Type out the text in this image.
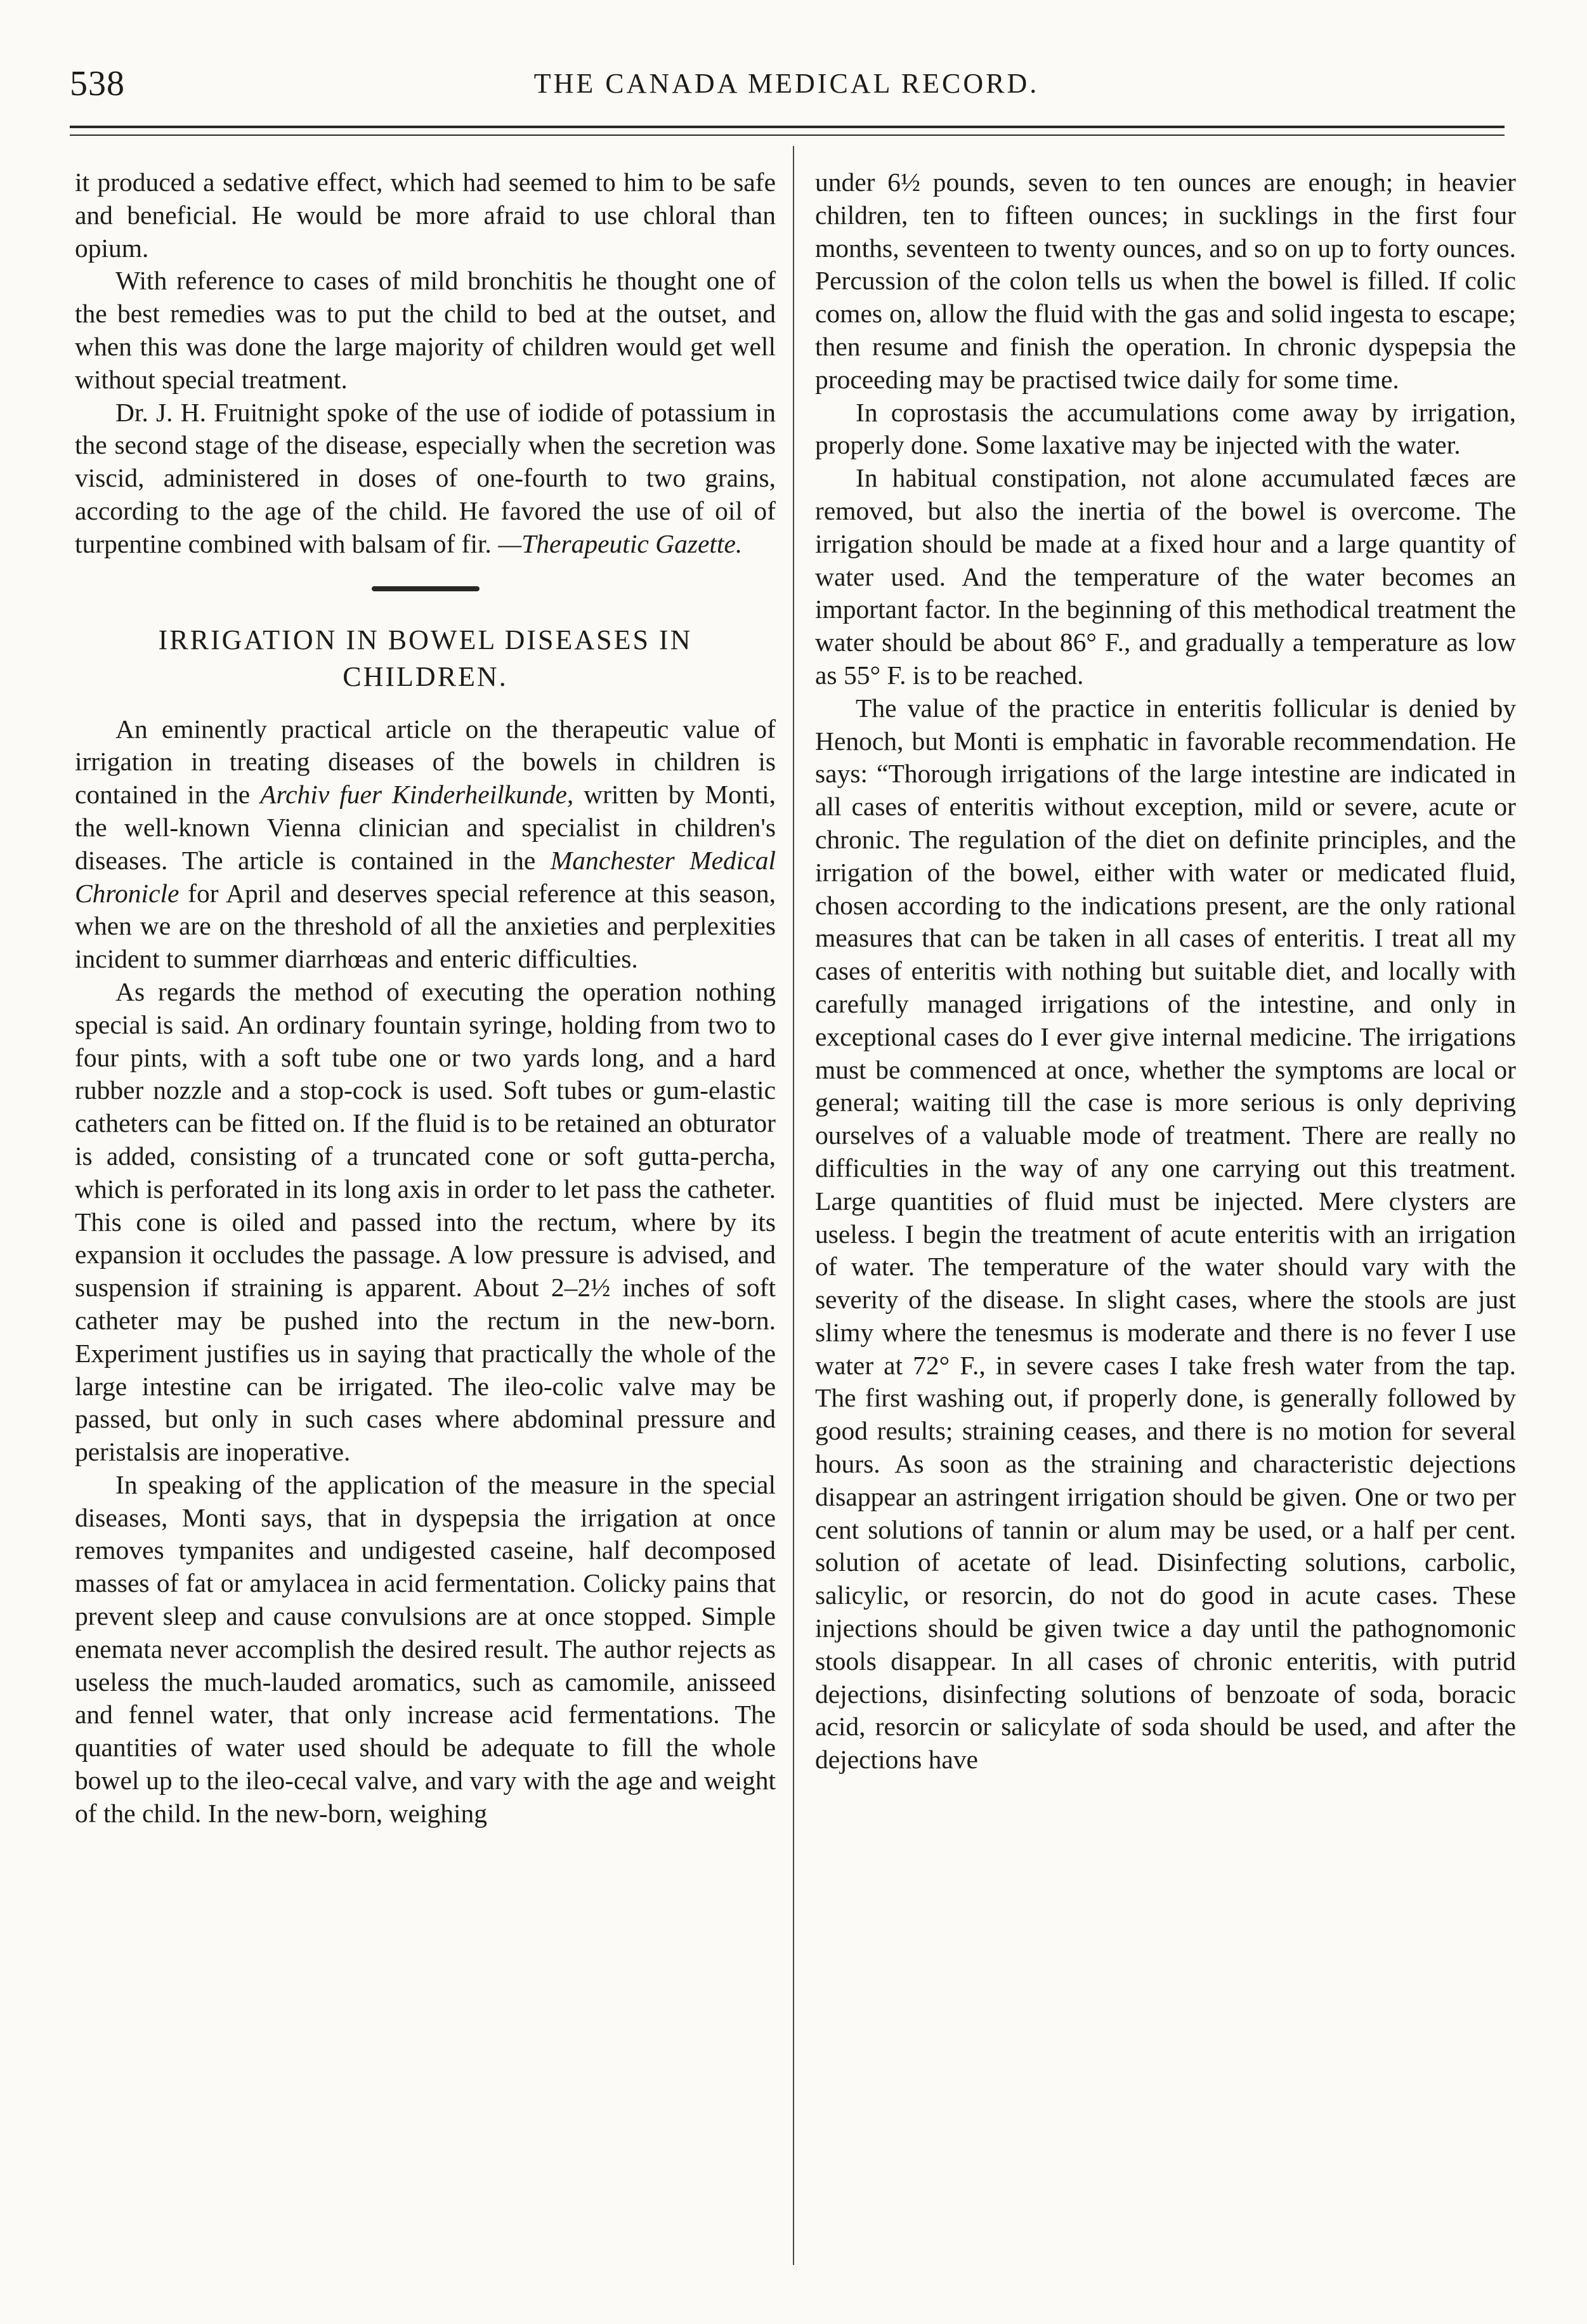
538	THE CANADA MEDICAL RECORD.

it produced a sedative effect, which had seemed to him to be safe and beneficial. He would be more afraid to use chloral than opium.

With reference to cases of mild bronchitis he thought one of the best remedies was to put the child to bed at the outset, and when this was done the large majority of children would get well without special treatment.

Dr. J. H. Fruitnight spoke of the use of iodide of potassium in the second stage of the disease, especially when the secretion was viscid, administered in doses of one-fourth to two grains, according to the age of the child. He favored the use of oil of turpentine combined with balsam of fir. —Therapeutic Gazette.

IRRIGATION IN BOWEL DISEASES IN CHILDREN.

An eminently practical article on the therapeutic value of irrigation in treating diseases of the bowels in children is contained in the Archiv fuer Kinderheilkunde, written by Monti, the well-known Vienna clinician and specialist in children's diseases. The article is contained in the Manchester Medical Chronicle for April and deserves special reference at this season, when we are on the threshold of all the anxieties and perplexities incident to summer diarrhœas and enteric difficulties.

As regards the method of executing the operation nothing special is said. An ordinary fountain syringe, holding from two to four pints, with a soft tube one or two yards long, and a hard rubber nozzle and a stop-cock is used. Soft tubes or gum-elastic catheters can be fitted on. If the fluid is to be retained an obturator is added, consisting of a truncated cone or soft gutta-percha, which is perforated in its long axis in order to let pass the catheter. This cone is oiled and passed into the rectum, where by its expansion it occludes the passage. A low pressure is advised, and suspension if straining is apparent. About 2–2½ inches of soft catheter may be pushed into the rectum in the new-born. Experiment justifies us in saying that practically the whole of the large intestine can be irrigated. The ileo-colic valve may be passed, but only in such cases where abdominal pressure and peristalsis are inoperative.

In speaking of the application of the measure in the special diseases, Monti says, that in dyspepsia the irrigation at once removes tympanites and undigested caseine, half decomposed masses of fat or amylacea in acid fermentation. Colicky pains that prevent sleep and cause convulsions are at once stopped. Simple enemata never accomplish the desired result. The author rejects as useless the much-lauded aromatics, such as camomile, anisseed and fennel water, that only increase acid fermentations. The quantities of water used should be adequate to fill the whole bowel up to the ileo-cecal valve, and vary with the age and weight of the child. In the new-born, weighing

under 6½ pounds, seven to ten ounces are enough; in heavier children, ten to fifteen ounces; in sucklings in the first four months, seventeen to twenty ounces, and so on up to forty ounces. Percussion of the colon tells us when the bowel is filled. If colic comes on, allow the fluid with the gas and solid ingesta to escape; then resume and finish the operation. In chronic dyspepsia the proceeding may be practised twice daily for some time.

In coprostasis the accumulations come away by irrigation, properly done. Some laxative may be injected with the water.

In habitual constipation, not alone accumulated fæces are removed, but also the inertia of the bowel is overcome. The irrigation should be made at a fixed hour and a large quantity of water used. And the temperature of the water becomes an important factor. In the beginning of this methodical treatment the water should be about 86° F., and gradually a temperature as low as 55° F. is to be reached.

The value of the practice in enteritis follicular is denied by Henoch, but Monti is emphatic in favorable recommendation. He says: “Thorough irrigations of the large intestine are indicated in all cases of enteritis without exception, mild or severe, acute or chronic. The regulation of the diet on definite principles, and the irrigation of the bowel, either with water or medicated fluid, chosen according to the indications present, are the only rational measures that can be taken in all cases of enteritis. I treat all my cases of enteritis with nothing but suitable diet, and locally with carefully managed irrigations of the intestine, and only in exceptional cases do I ever give internal medicine. The irrigations must be commenced at once, whether the symptoms are local or general; waiting till the case is more serious is only depriving ourselves of a valuable mode of treatment. There are really no difficulties in the way of any one carrying out this treatment. Large quantities of fluid must be injected. Mere clysters are useless. I begin the treatment of acute enteritis with an irrigation of water. The temperature of the water should vary with the severity of the disease. In slight cases, where the stools are just slimy where the tenesmus is moderate and there is no fever I use water at 72° F., in severe cases I take fresh water from the tap. The first washing out, if properly done, is generally followed by good results; straining ceases, and there is no motion for several hours. As soon as the straining and characteristic dejections disappear an astringent irrigation should be given. One or two per cent solutions of tannin or alum may be used, or a half per cent. solution of acetate of lead. Disinfecting solutions, carbolic, salicylic, or resorcin, do not do good in acute cases. These injections should be given twice a day until the pathognomonic stools disappear. In all cases of chronic enteritis, with putrid dejections, disinfecting solutions of benzoate of soda, boracic acid, resorcin or salicylate of soda should be used, and after the dejections have
